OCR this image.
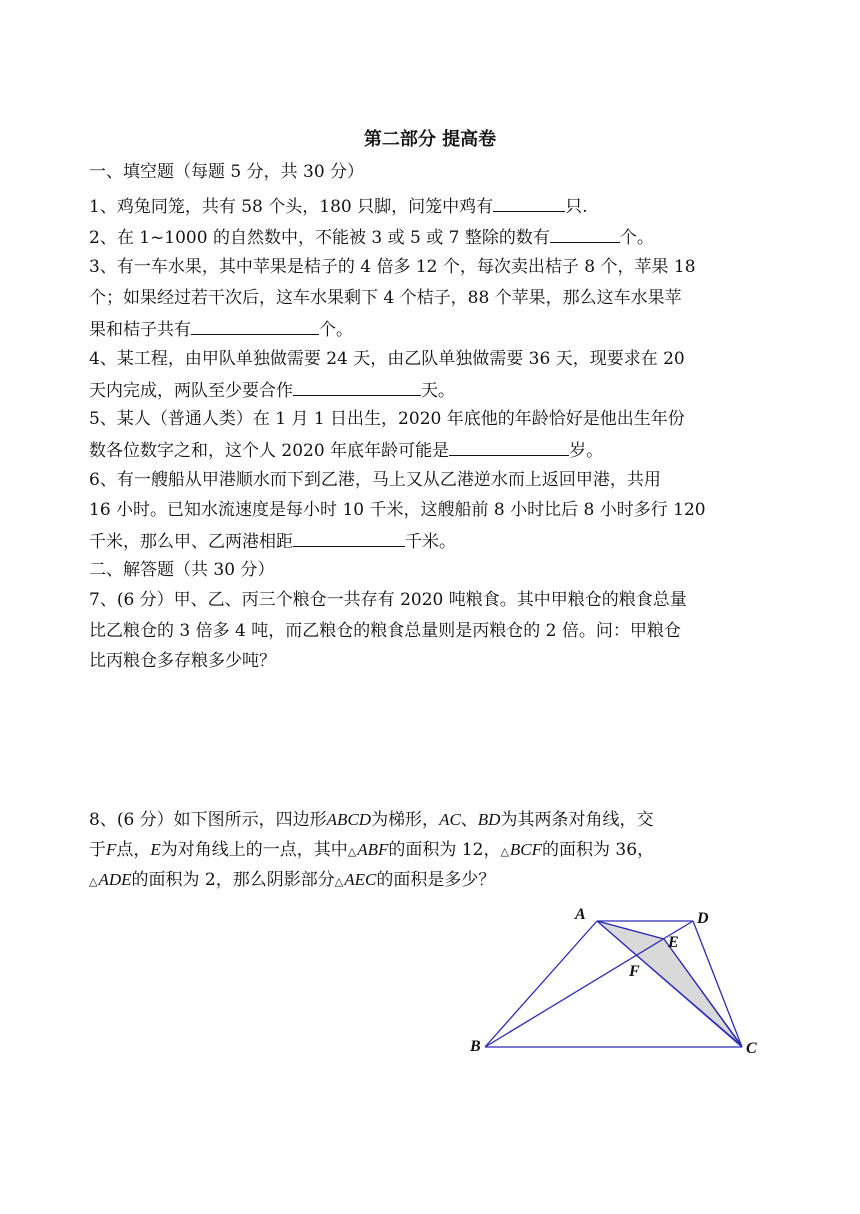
第二部分 提高卷
一、填空题（每题 5 分，共 30 分）
1、鸡兔同笼，共有 58 个头，180 只脚，问笼中鸡有	只.
2、在 1~1000 的自然数中，不能被 3 或 5 或 7 整除的数有	个。
3、有一车水果，其中苹果是桔子的 4 倍多 12 个，每次卖出桔子 8 个，苹果 18
个；如果经过若干次后，这车水果剩下 4 个桔子，88 个苹果，那么这车水果苹
果和桔子共有	个。
4、某工程，由甲队单独做需要 24 天，由乙队单独做需要 36 天，现要求在 20
天内完成，两队至少要合作	天。
5、某人（普通人类）在 1 月 1 日出生，2020 年底他的年龄恰好是他出生年份
数各位数字之和，这个人 2020 年底年龄可能是	岁。
6、有一艘船从甲港顺水而下到乙港，马上又从乙港逆水而上返回甲港，共用
16 小时。已知水流速度是每小时 10 千米，这艘船前 8 小时比后 8 小时多行 120
千米，那么甲、乙两港相距	千米。
二、解答题（共 30 分）
7、(6 分）甲、乙、丙三个粮仓一共存有 2020 吨粮食。其中甲粮仓的粮食总量
比乙粮仓的 3 倍多 4 吨，而乙粮仓的粮食总量则是丙粮仓的 2 倍。问：甲粮仓
比丙粮仓多存粮多少吨？
8、(6 分）如下图所示，四边形ABCD为梯形，AC、BD为其两条对角线，交
于F点，E为对角线上的一点，其中△ABF的面积为 12，△BCF的面积为 36，
△ADE的面积为 2，那么阴影部分△AEC的面积是多少？
A	D
E
F
B	C
